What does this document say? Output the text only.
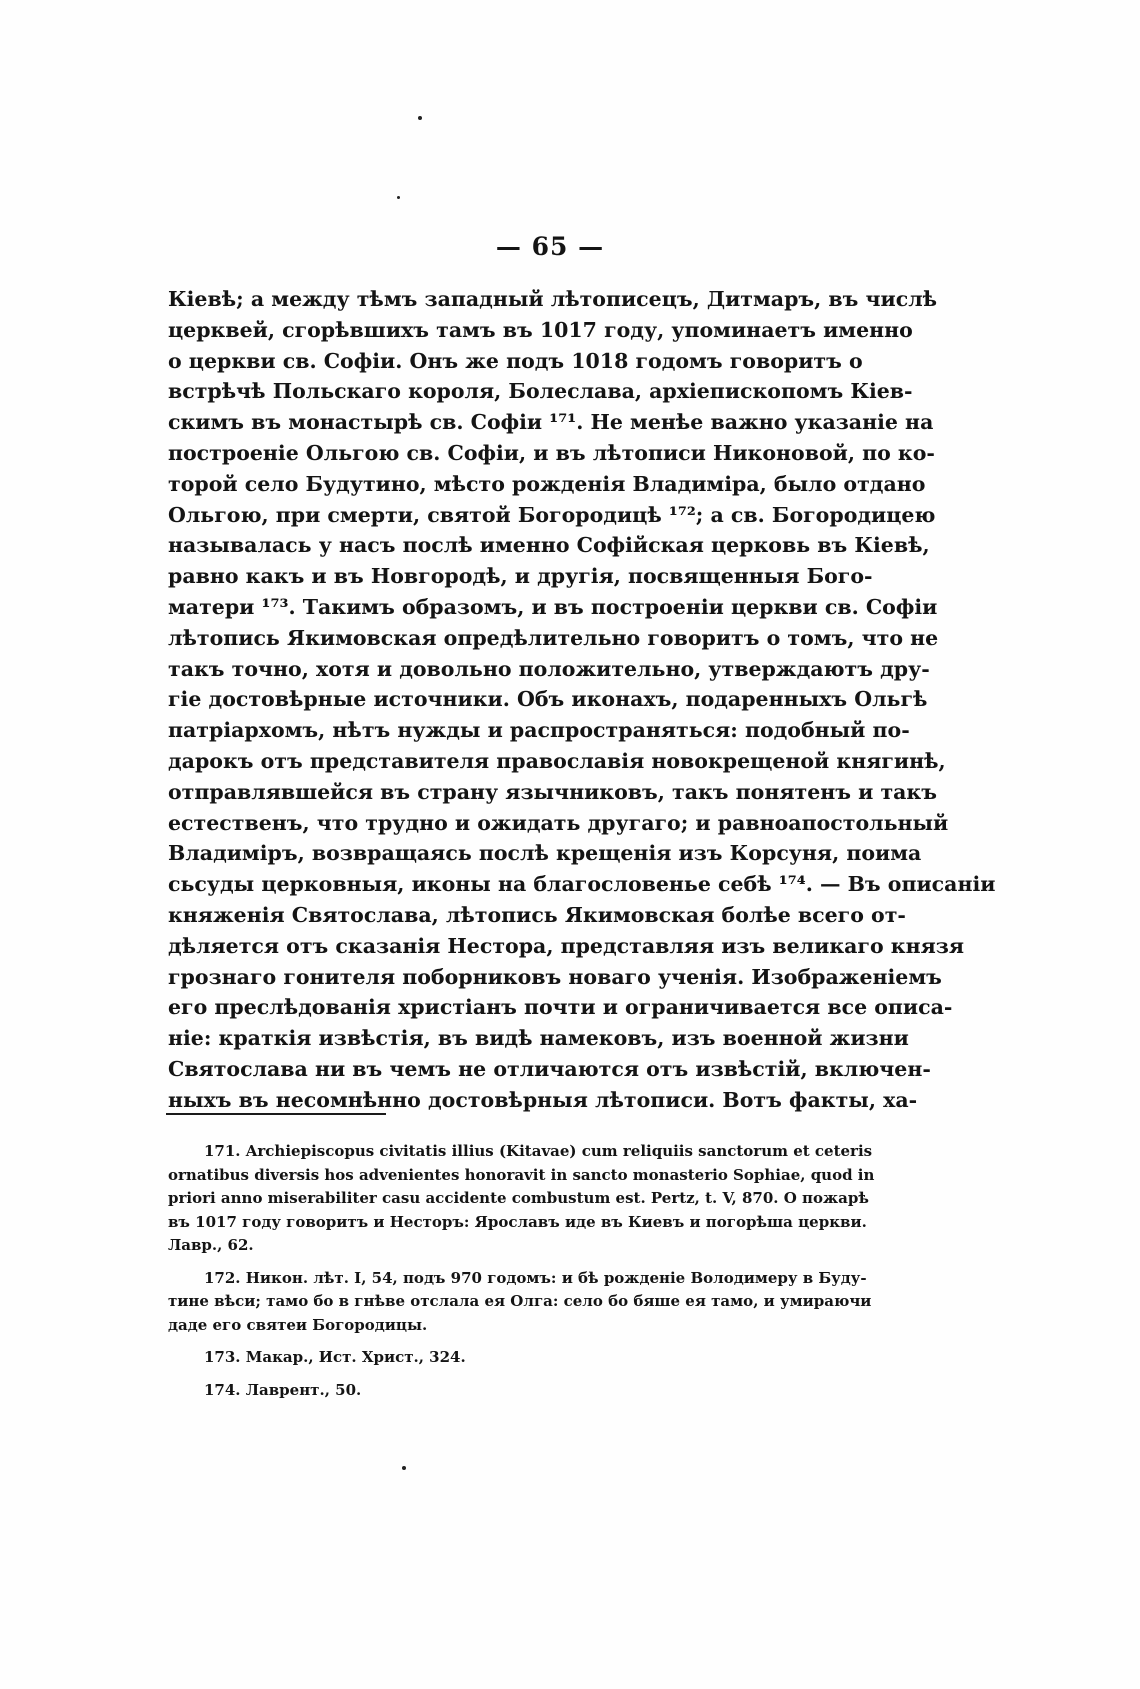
— 65 —
Кіевѣ; а между тѣмъ западный лѣтописецъ, Дитмаръ, въ числѣ
церквей, сгорѣвшихъ тамъ въ 1017 году, упоминаетъ именно
о церкви св. Софіи. Онъ же подъ 1018 годомъ говоритъ о
встрѣчѣ Польскаго короля, Болеслава, архіепископомъ Кіев-
скимъ въ монастырѣ св. Софіи ¹⁷¹. Не менѣе важно указаніе на
построеніе Ольгою св. Софіи, и въ лѣтописи Никоновой, по ко-
торой село Будутино, мѣсто рожденія Владиміра, было отдано
Ольгою, при смерти, святой Богородицѣ ¹⁷²; а св. Богородицею
называлась у насъ послѣ именно Софійская церковь въ Кіевѣ,
равно какъ и въ Новгородѣ, и другія, посвященныя Бого-
матери ¹⁷³. Такимъ образомъ, и въ построеніи церкви св. Софіи
лѣтопись Якимовская опредѣлительно говоритъ о томъ, что не
такъ точно, хотя и довольно положительно, утверждаютъ дру-
гіе достовѣрные источники. Объ иконахъ, подаренныхъ Ольгѣ
патріархомъ, нѣтъ нужды и распространяться: подобный по-
дарокъ отъ представителя православія новокрещеной княгинѣ,
отправлявшейся въ страну язычниковъ, такъ понятенъ и такъ
естественъ, что трудно и ожидать другаго; и равноапостольный
Владиміръ, возвращаясь послѣ крещенія изъ Корсуня, поима
сьсуды церковныя, иконы на благословенье себѣ ¹⁷⁴. — Въ описаніи
княженія Святослава, лѣтопись Якимовская болѣе всего от-
дѣляется отъ сказанія Нестора, представляя изъ великаго князя
грознаго гонителя поборниковъ новаго ученія. Изображеніемъ
его преслѣдованія христіанъ почти и ограничивается все описа-
ніе: краткія извѣстія, въ видѣ намековъ, изъ военной жизни
Святослава ни въ чемъ не отличаются отъ извѣстій, включен-
ныхъ въ несомнѣнно достовѣрныя лѣтописи. Вотъ факты, ха-
171. Archiepiscopus civitatis illius (Kitavae) cum reliquiis sanctorum et ceteris
ornatibus diversis hos advenientes honoravit in sancto monasterio Sophiae, quod in
priori anno miserabiliter casu accidente combustum est. Pertz, t. V, 870. О пожарѣ
въ 1017 году говоритъ и Несторъ: Ярославъ иде въ Киевъ и погорѣша церкви.
Лавр., 62.
172. Никон. лѣт. I, 54, подъ 970 годомъ: и бѣ рожденіе Володимеру в Буду-
тине вѣси; тамо бо в гнѣве отслала ея Олга: село бо бяше ея тамо, и умираючи
даде его святеи Богородицы.
173. Макар., Ист. Христ., 324.
174. Лаврент., 50.
